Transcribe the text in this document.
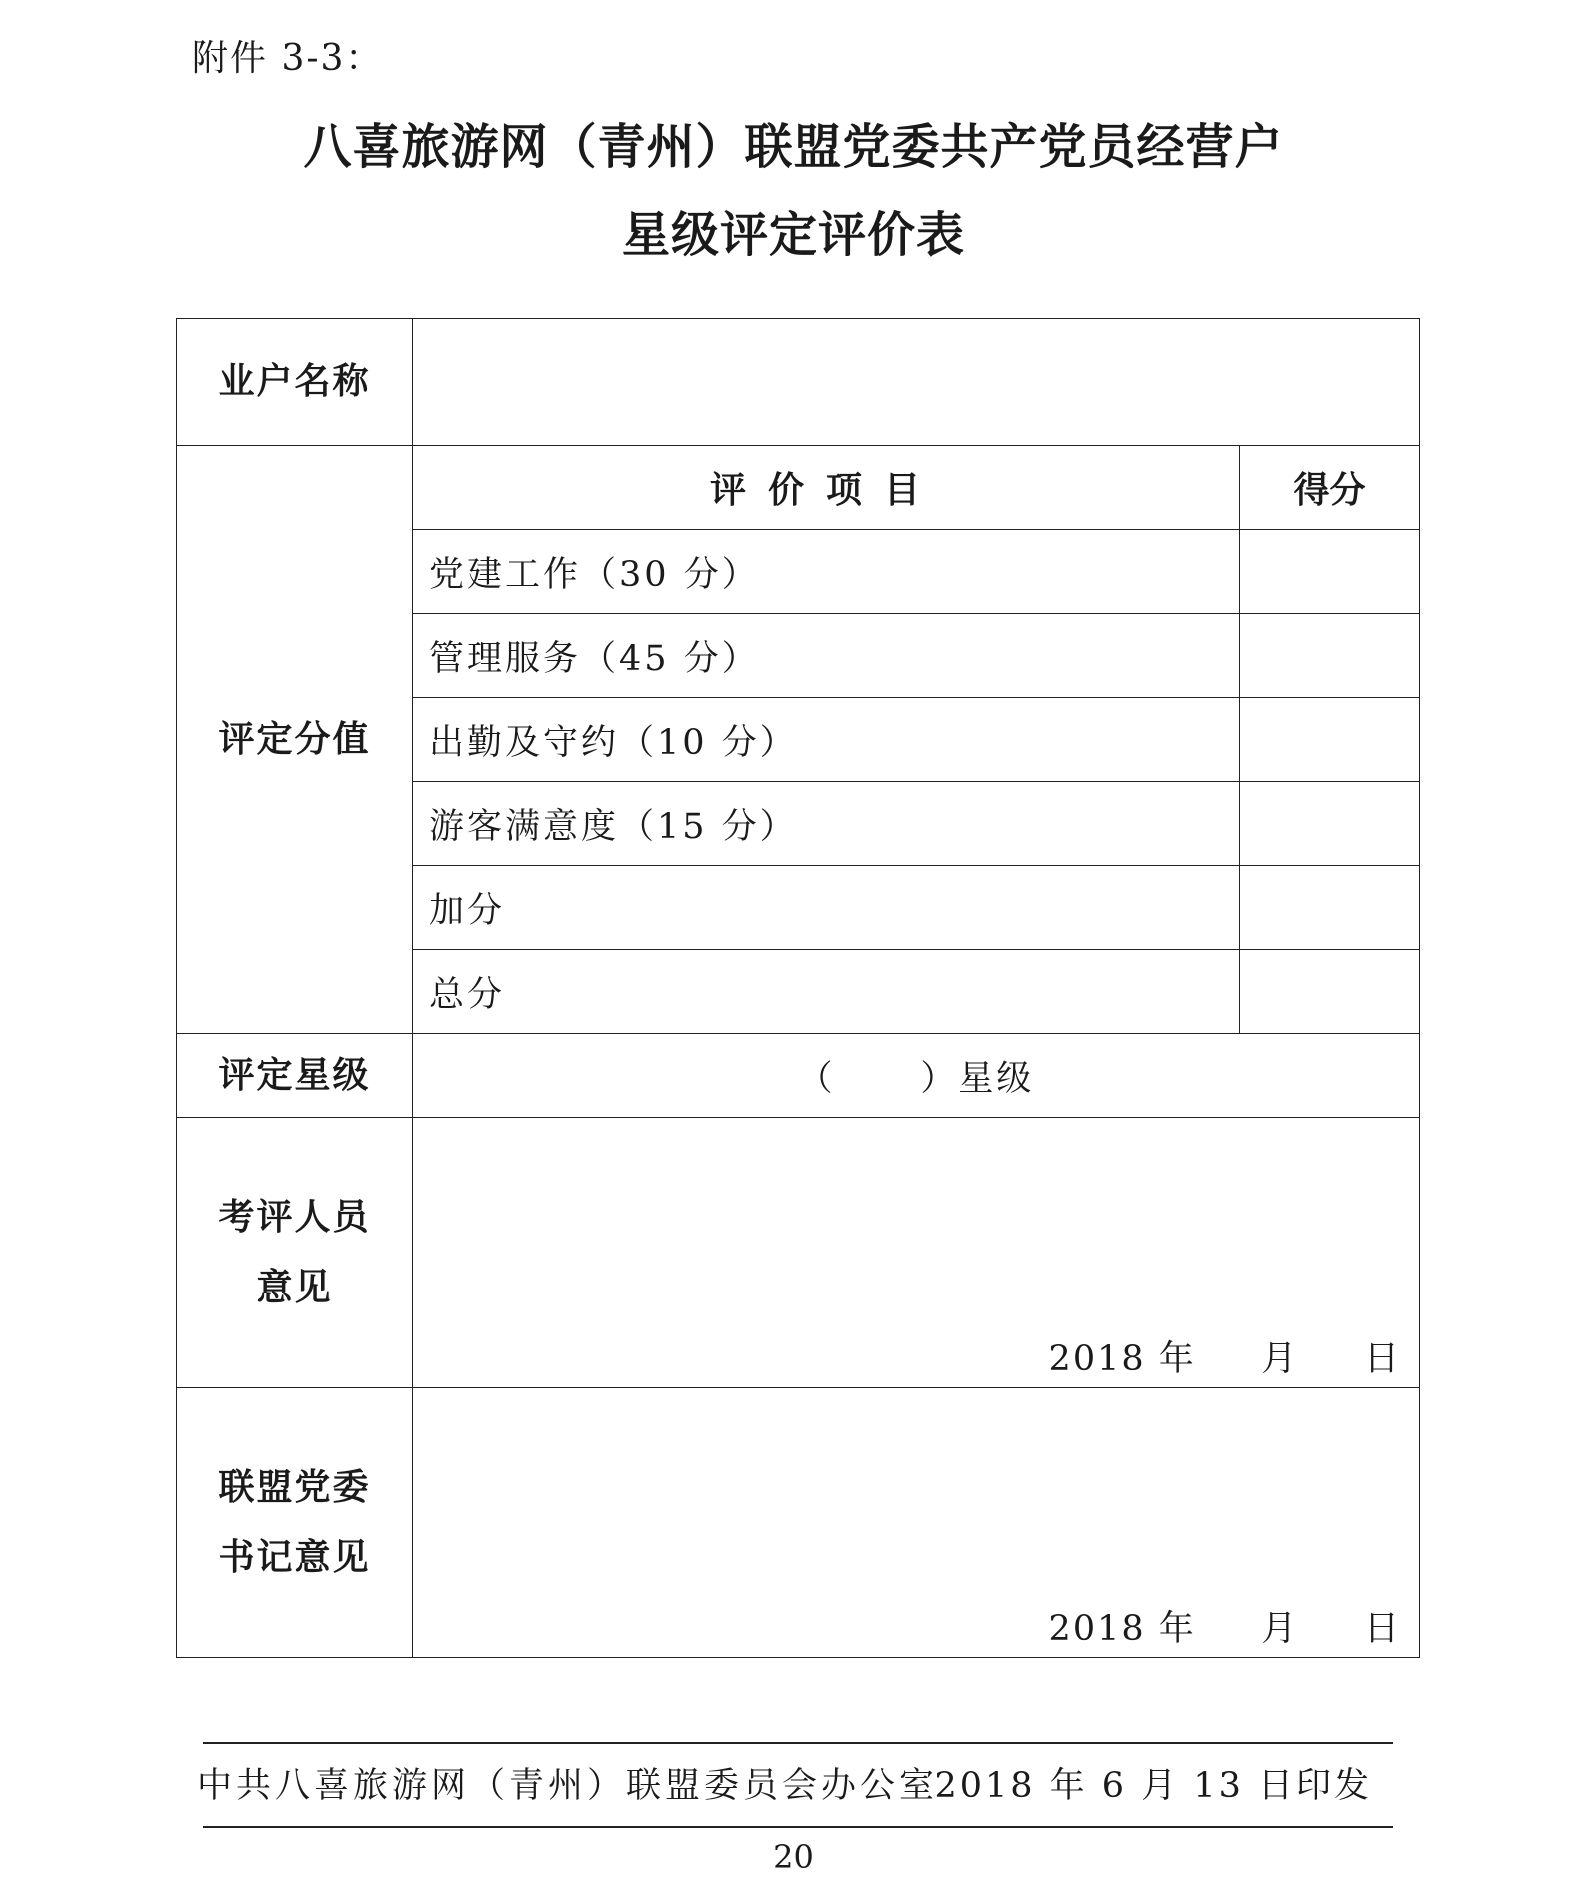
附件 3-3：
八喜旅游网（青州）联盟党委共产党员经营户
星级评定评价表
业户名称		
评定分值	评价项目	得分
	党建工作（30 分）	
	管理服务（45 分）	
	出勤及守约（10 分）	
	游客满意度（15 分）	
	加分	
	总分	
评定星级	（      ）星级	

考评人员
意见	2018 年     月     日	

联盟党委
书记意见	2018 年     月     日	
中共八喜旅游网（青州）联盟委员会办公室
2018 年 6 月 13 日印发
20
